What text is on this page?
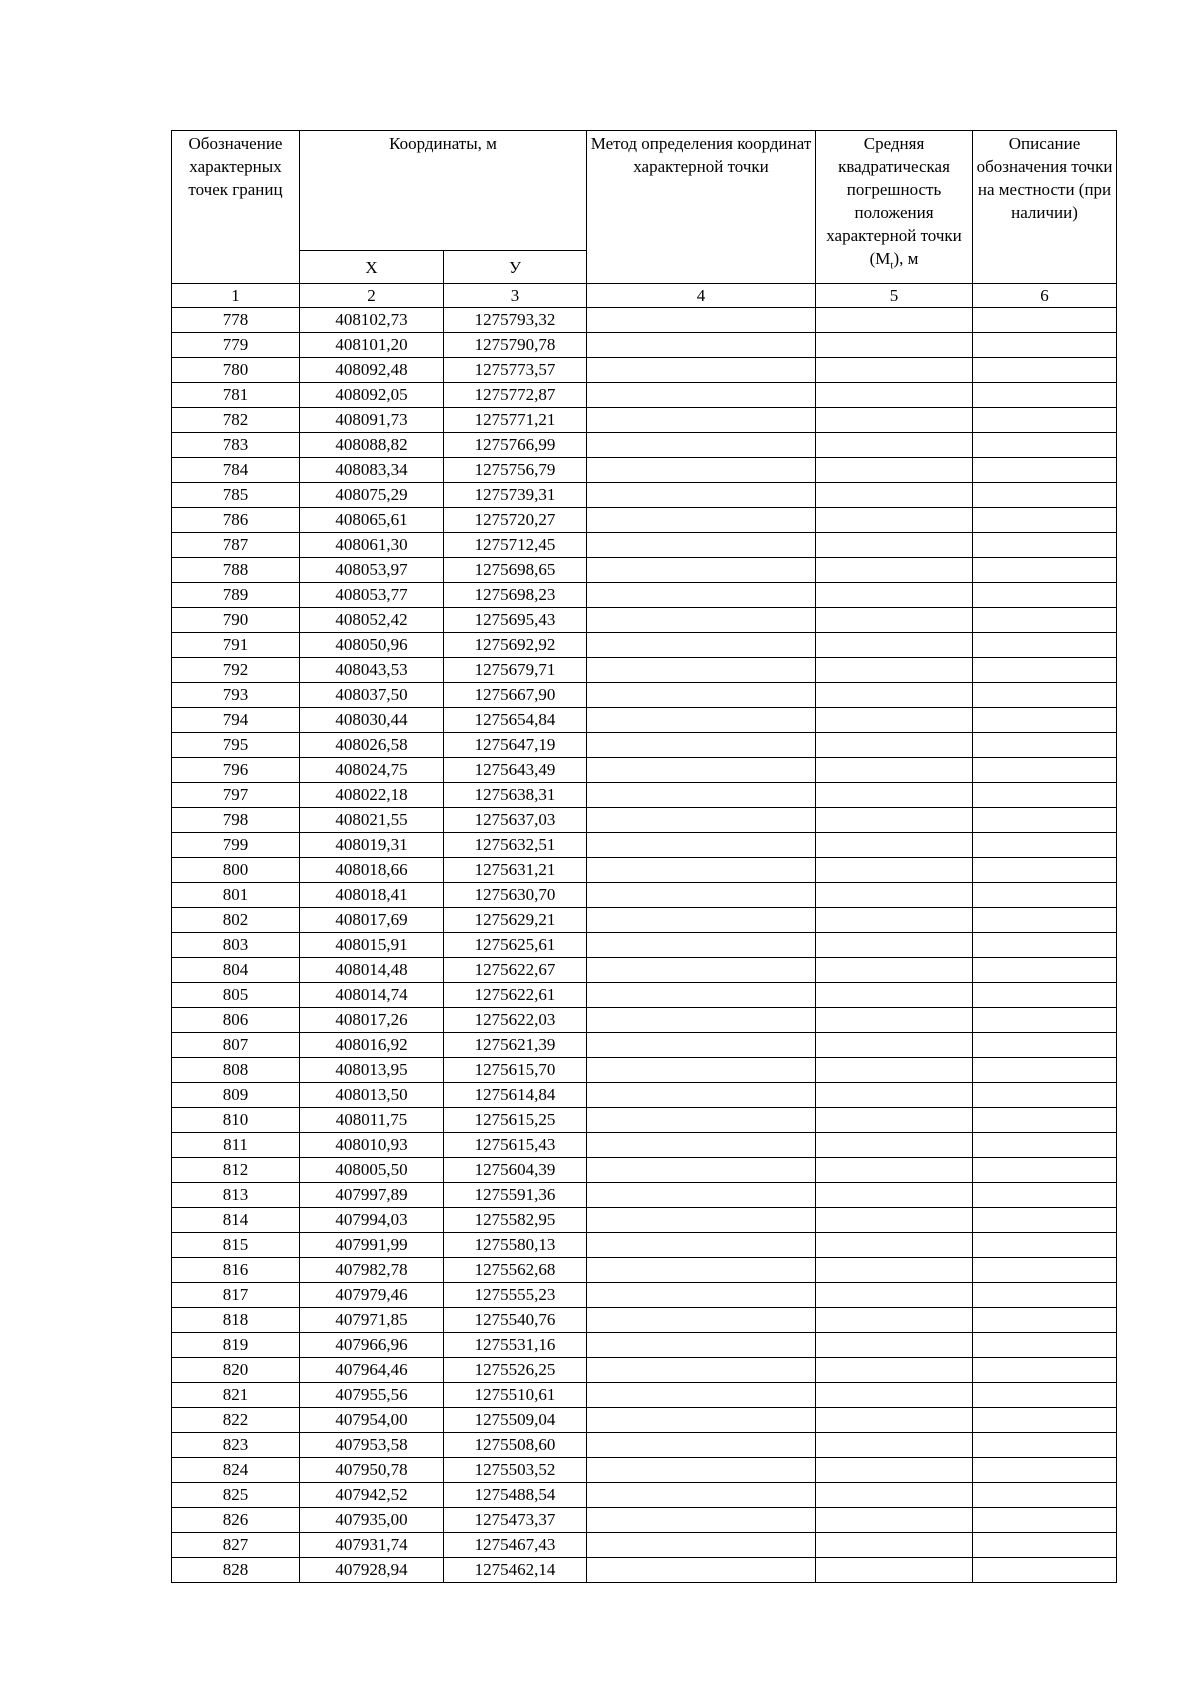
Обозначение характерных точек границ	Координаты, м		Метод определения координат характерной точки	Средняя квадратическая погрешность положения характерной точки $(M_t)$, м	Описание обозначения точки на местности (при наличии)
	Х	У			
1	2	3	4	5	6
778	408102,73	1275793,32			
779	408101,20	1275790,78			
780	408092,48	1275773,57			
781	408092,05	1275772,87			
782	408091,73	1275771,21			
783	408088,82	1275766,99			
784	408083,34	1275756,79			
785	408075,29	1275739,31			
786	408065,61	1275720,27			
787	408061,30	1275712,45			
788	408053,97	1275698,65			
789	408053,77	1275698,23			
790	408052,42	1275695,43			
791	408050,96	1275692,92			
792	408043,53	1275679,71			
793	408037,50	1275667,90			
794	408030,44	1275654,84			
795	408026,58	1275647,19			
796	408024,75	1275643,49			
797	408022,18	1275638,31			
798	408021,55	1275637,03			
799	408019,31	1275632,51			
800	408018,66	1275631,21			
801	408018,41	1275630,70			
802	408017,69	1275629,21			
803	408015,91	1275625,61			
804	408014,48	1275622,67			
805	408014,74	1275622,61			
806	408017,26	1275622,03			
807	408016,92	1275621,39			
808	408013,95	1275615,70			
809	408013,50	1275614,84			
810	408011,75	1275615,25			
811	408010,93	1275615,43			
812	408005,50	1275604,39			
813	407997,89	1275591,36			
814	407994,03	1275582,95			
815	407991,99	1275580,13			
816	407982,78	1275562,68			
817	407979,46	1275555,23			
818	407971,85	1275540,76			
819	407966,96	1275531,16			
820	407964,46	1275526,25			
821	407955,56	1275510,61			
822	407954,00	1275509,04			
823	407953,58	1275508,60			
824	407950,78	1275503,52			
825	407942,52	1275488,54			
826	407935,00	1275473,37			
827	407931,74	1275467,43			
828	407928,94	1275462,14			
